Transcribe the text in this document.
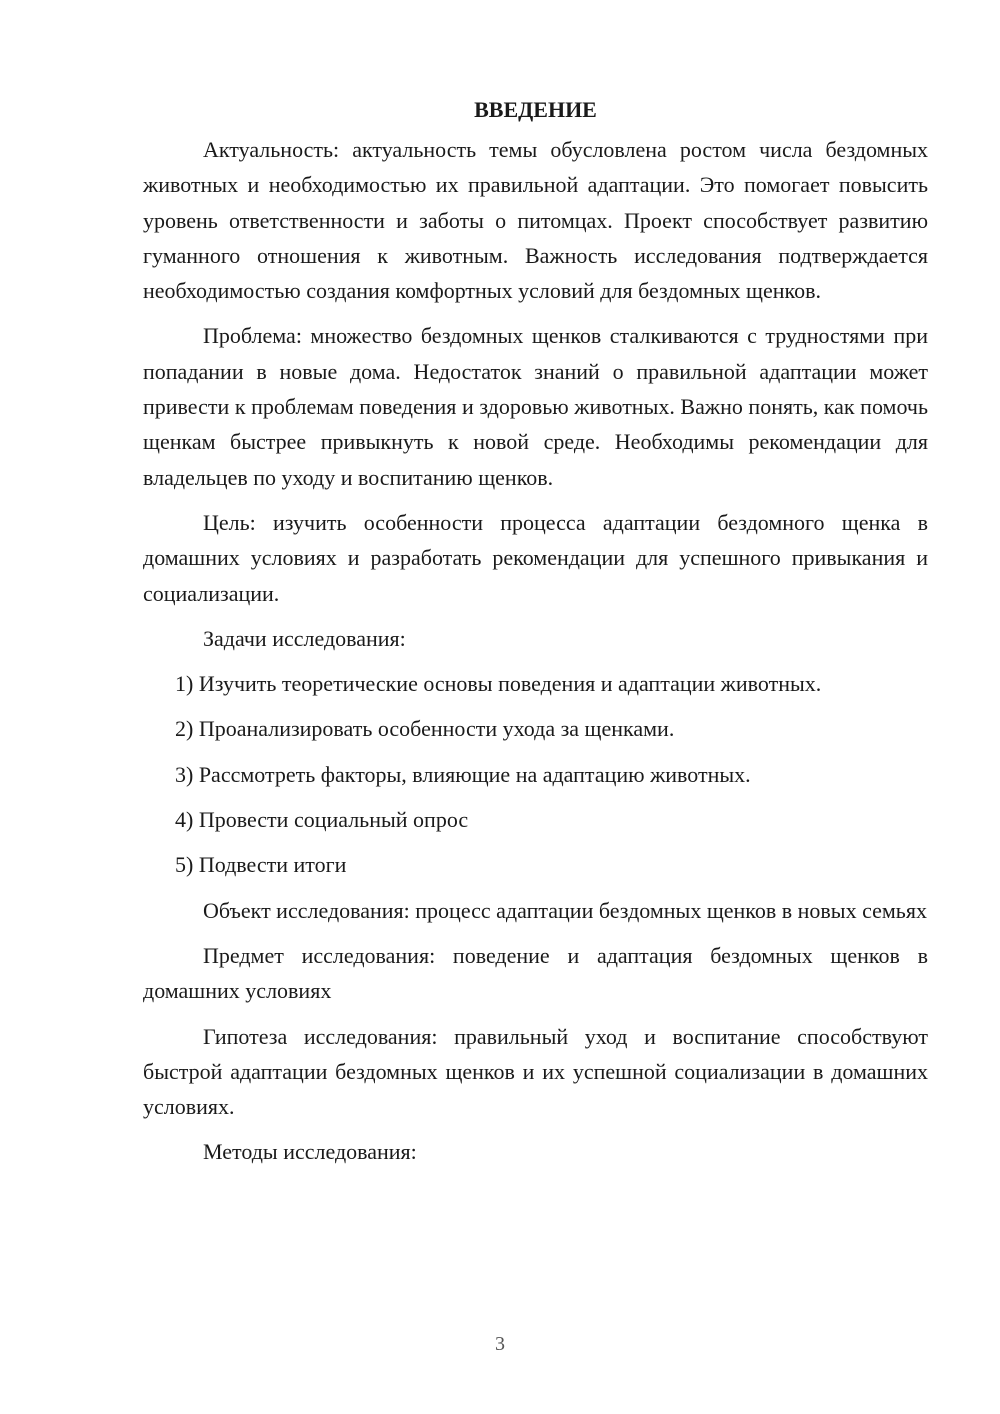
ВВЕДЕНИЕ

Актуальность: актуальность темы обусловлена ростом числа бездомных животных и необходимостью их правильной адаптации. Это помогает повысить уровень ответственности и заботы о питомцах. Проект способствует развитию гуманного отношения к животным. Важность исследования подтверждается необходимостью создания комфортных условий для бездомных щенков.

Проблема: множество бездомных щенков сталкиваются с трудностями при попадании в новые дома. Недостаток знаний о правильной адаптации может привести к проблемам поведения и здоровью животных. Важно понять, как помочь щенкам быстрее привыкнуть к новой среде. Необходимы рекомендации для владельцев по уходу и воспитанию щенков.

Цель: изучить особенности процесса адаптации бездомного щенка в домашних условиях и разработать рекомендации для успешного привыкания и социализации.

Задачи исследования:

1) Изучить теоретические основы поведения и адаптации животных.

2) Проанализировать особенности ухода за щенками.

3) Рассмотреть факторы, влияющие на адаптацию животных.

4) Провести социальный опрос

5) Подвести итоги

Объект исследования: процесс адаптации бездомных щенков в новых семьях

Предмет исследования: поведение и адаптация бездомных щенков в домашних условиях

Гипотеза исследования: правильный уход и воспитание способствуют быстрой адаптации бездомных щенков и их успешной социализации в домашних условиях.

Методы исследования:

3
